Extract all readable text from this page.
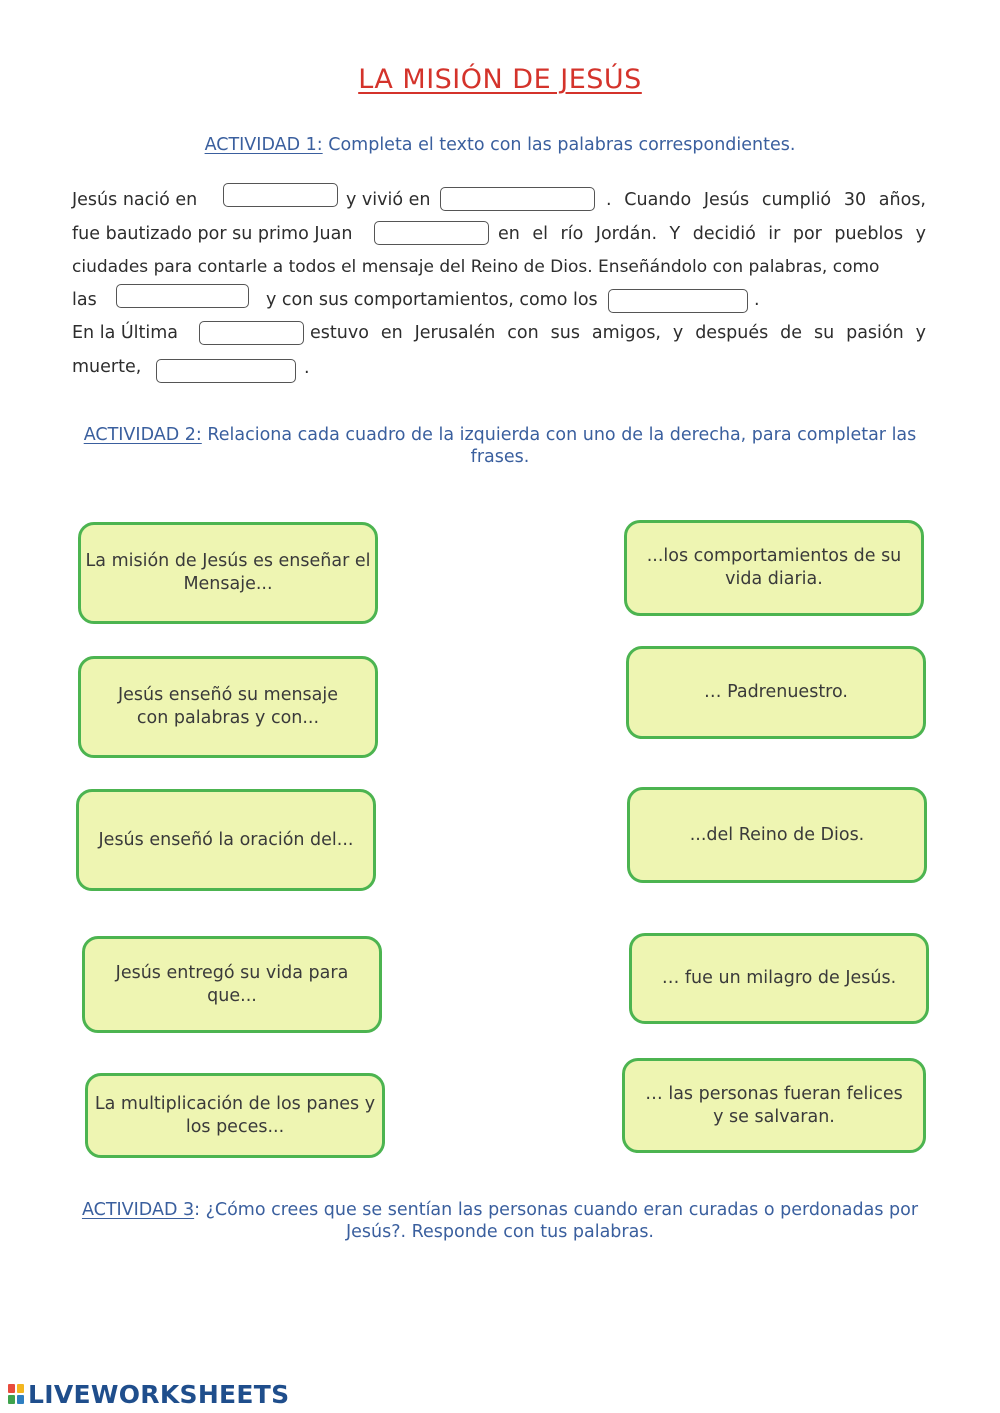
LA MISIÓN DE JESÚS
ACTIVIDAD 1: Completa el texto con las palabras correspondientes.
Jesús nació en	y vivió en	. Cuando Jesús cumplió 30 años,
fue bautizado por su primo Juan	en el río Jordán. Y decidió ir por pueblos y
ciudades para contarle a todos el mensaje del Reino de Dios. Enseñándolo con palabras, como
las	y con sus comportamientos, como los	.
En la Última	estuvo en Jerusalén con sus amigos, y después de su pasión y
muerte,	.
ACTIVIDAD 2: Relaciona cada cuadro de la izquierda con uno de la derecha, para completar las frases.
La misión de Jesús es enseñar el Mensaje...
Jesús enseñó su mensaje con palabras y con...
Jesús enseñó la oración del...
Jesús entregó su vida para que...
La multiplicación de los panes y los peces...
...los comportamientos de su vida diaria.
… Padrenuestro.
...del Reino de Dios.
… fue un milagro de Jesús.
… las personas fueran felices y se salvaran.
ACTIVIDAD 3: ¿Cómo crees que se sentían las personas cuando eran curadas o perdonadas por Jesús?. Responde con tus palabras.
LIVEWORKSHEETS
